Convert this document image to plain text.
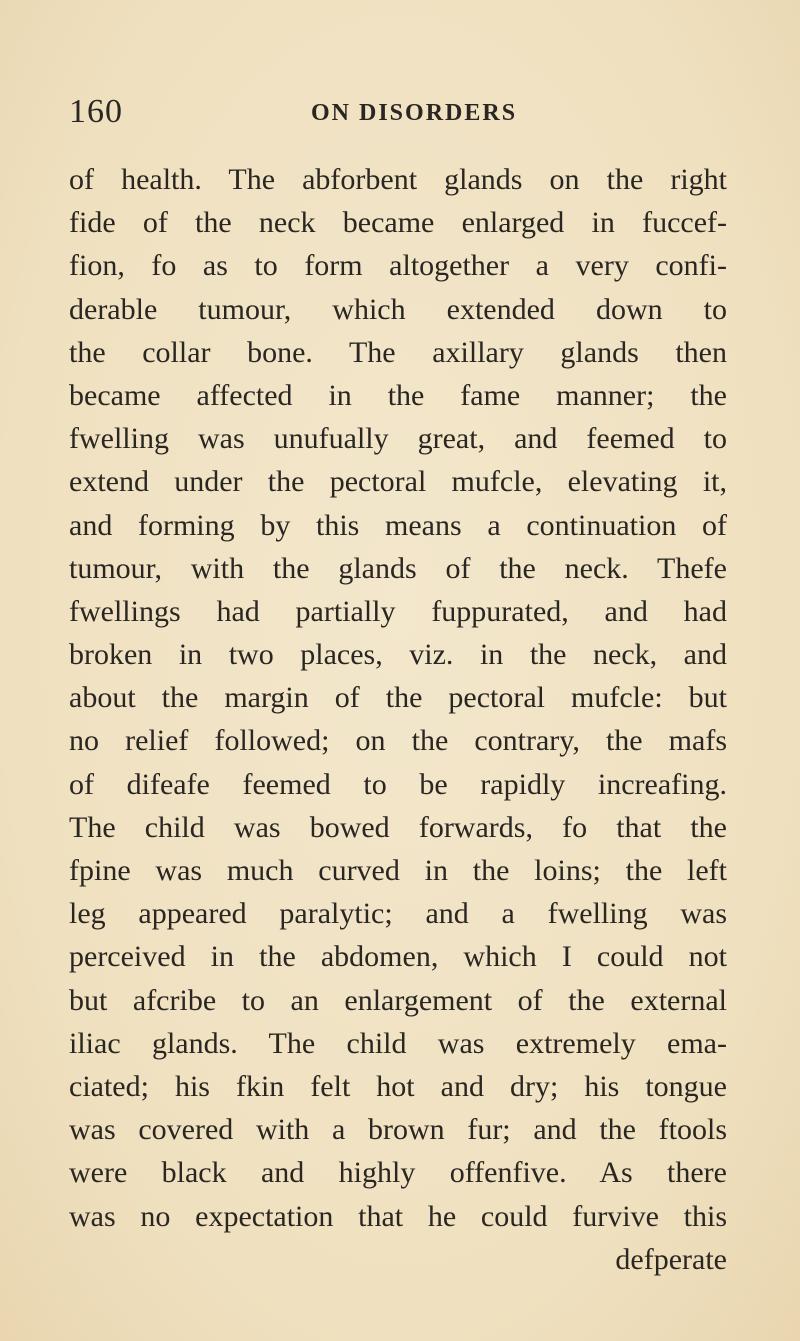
160	ON DISORDERS
of health. The abforbent glands on the right
fide of the neck became enlarged in fuccef-
fion, fo as to form altogether a very confi-
derable tumour, which extended down to
the collar bone. The axillary glands then
became affected in the fame manner; the
fwelling was unufually great, and feemed to
extend under the pectoral mufcle, elevating it,
and forming by this means a continuation of
tumour, with the glands of the neck. Thefe
fwellings had partially fuppurated, and had
broken in two places, viz. in the neck, and
about the margin of the pectoral mufcle: but
no relief followed; on the contrary, the mafs
of difeafe feemed to be rapidly increafing.
The child was bowed forwards, fo that the
fpine was much curved in the loins; the left
leg appeared paralytic; and a fwelling was
perceived in the abdomen, which I could not
but afcribe to an enlargement of the external
iliac glands. The child was extremely ema-
ciated; his fkin felt hot and dry; his tongue
was covered with a brown fur; and the ftools
were black and highly offenfive. As there
was no expectation that he could furvive this
defperate
